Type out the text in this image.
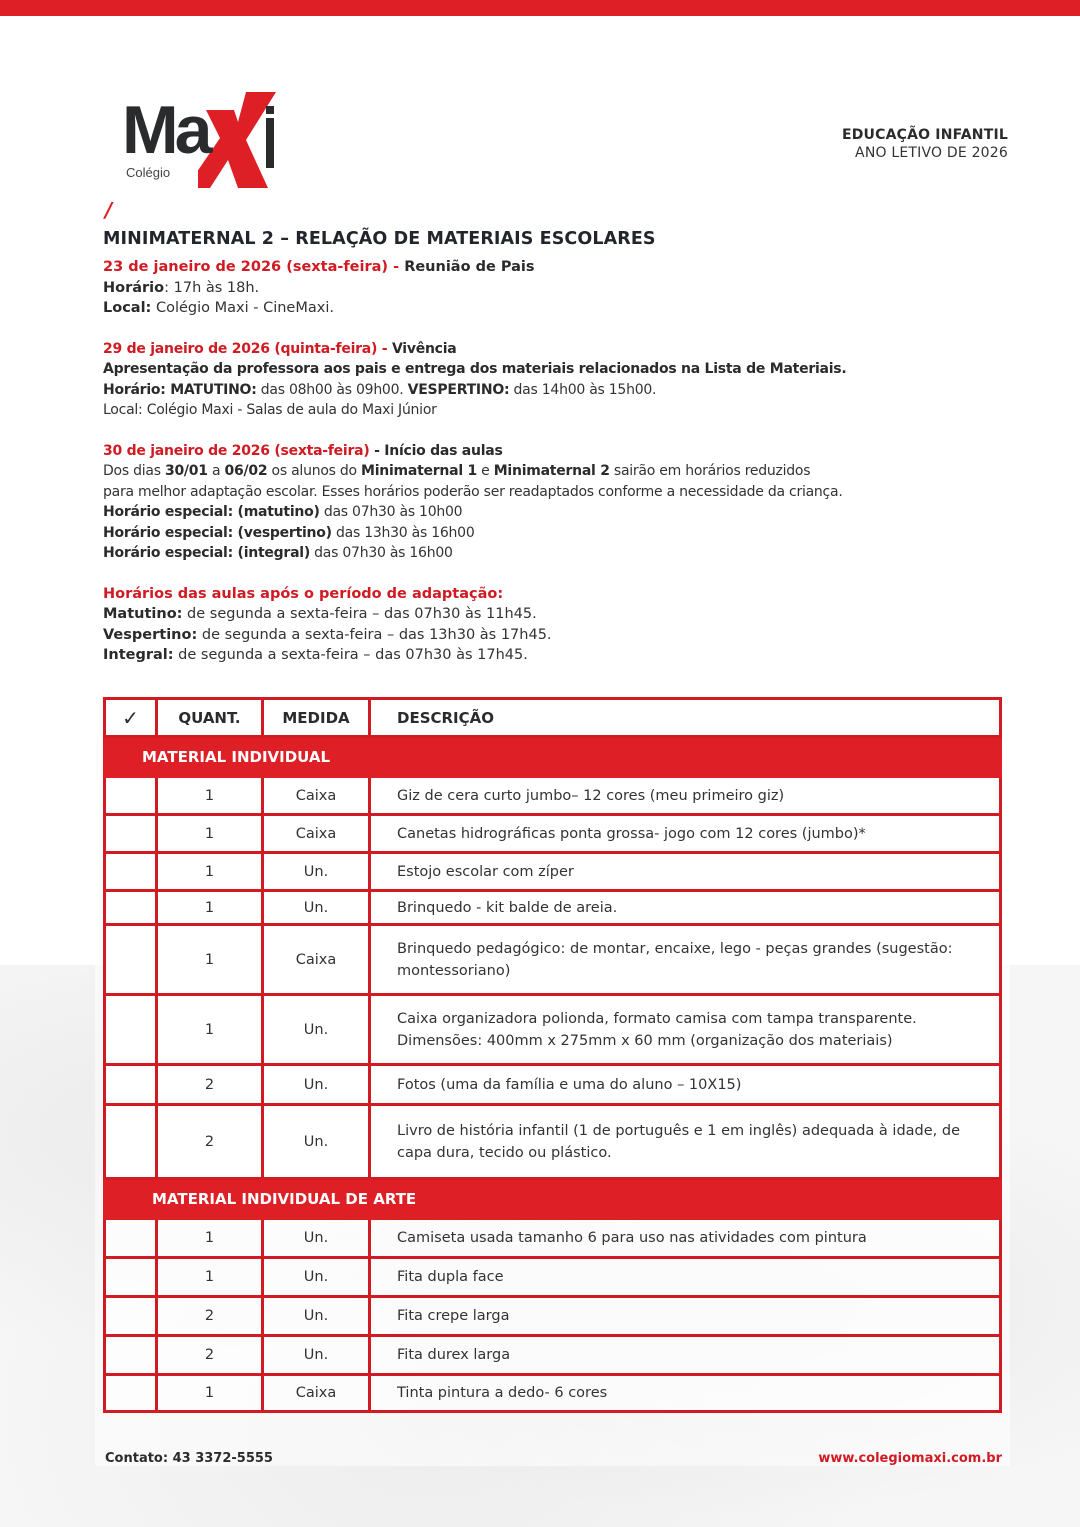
Ma
Colégio
/
EDUCAÇÃO INFANTIL
ANO LETIVO DE 2026
MINIMATERNAL 2 – RELAÇÃO DE MATERIAIS ESCOLARES
23 de janeiro de 2026 (sexta-feira) - Reunião de Pais
Horário: 17h às 18h.
Local: Colégio Maxi - CineMaxi.
29 de janeiro de 2026 (quinta-feira) - Vivência
Apresentação da professora aos pais e entrega dos materiais relacionados na Lista de Materiais.
Horário: MATUTINO: das 08h00 às 09h00. VESPERTINO: das 14h00 às 15h00.
Local: Colégio Maxi - Salas de aula do Maxi Júnior
30 de janeiro de 2026 (sexta-feira) - Início das aulas
Dos dias 30/01 a 06/02 os alunos do Minimaternal 1 e Minimaternal 2 sairão em horários reduzidos
para melhor adaptação escolar. Esses horários poderão ser readaptados conforme a necessidade da criança.
Horário especial: (matutino) das 07h30 às 10h00
Horário especial: (vespertino) das 13h30 às 16h00
Horário especial: (integral) das 07h30 às 16h00
Horários das aulas após o período de adaptação:
Matutino: de segunda a sexta-feira – das 07h30 às 11h45.
Vespertino: de segunda a sexta-feira – das 13h30 às 17h45.
Integral: de segunda a sexta-feira – das 07h30 às 17h45.
✓	QUANT.	MEDIDA	DESCRIÇÃO
MATERIAL INDIVIDUAL			
	1	Caixa	Giz de cera curto jumbo– 12 cores (meu primeiro giz)
	1	Caixa	Canetas hidrográficas ponta grossa- jogo com 12 cores (jumbo)*
	1	Un.	Estojo escolar com zíper
	1	Un.	Brinquedo - kit balde de areia.
	1	Caixa	Brinquedo pedagógico: de montar, encaixe, lego - peças grandes (sugestão: montessoriano)
	1	Un.	Caixa organizadora polionda, formato camisa com tampa transparente. Dimensões: 400mm x 275mm x 60 mm (organização dos materiais)
	2	Un.	Fotos (uma da família e uma do aluno – 10X15)
	2	Un.	Livro de história infantil (1 de português e 1 em inglês) adequada à idade, de capa dura, tecido ou plástico.
MATERIAL INDIVIDUAL DE ARTE			
	1	Un.	Camiseta usada tamanho 6 para uso nas atividades com pintura
	1	Un.	Fita dupla face
	2	Un.	Fita crepe larga
	2	Un.	Fita durex larga
	1	Caixa	Tinta pintura a dedo- 6 cores
Contato: 43 3372-5555	www.colegiomaxi.com.br
